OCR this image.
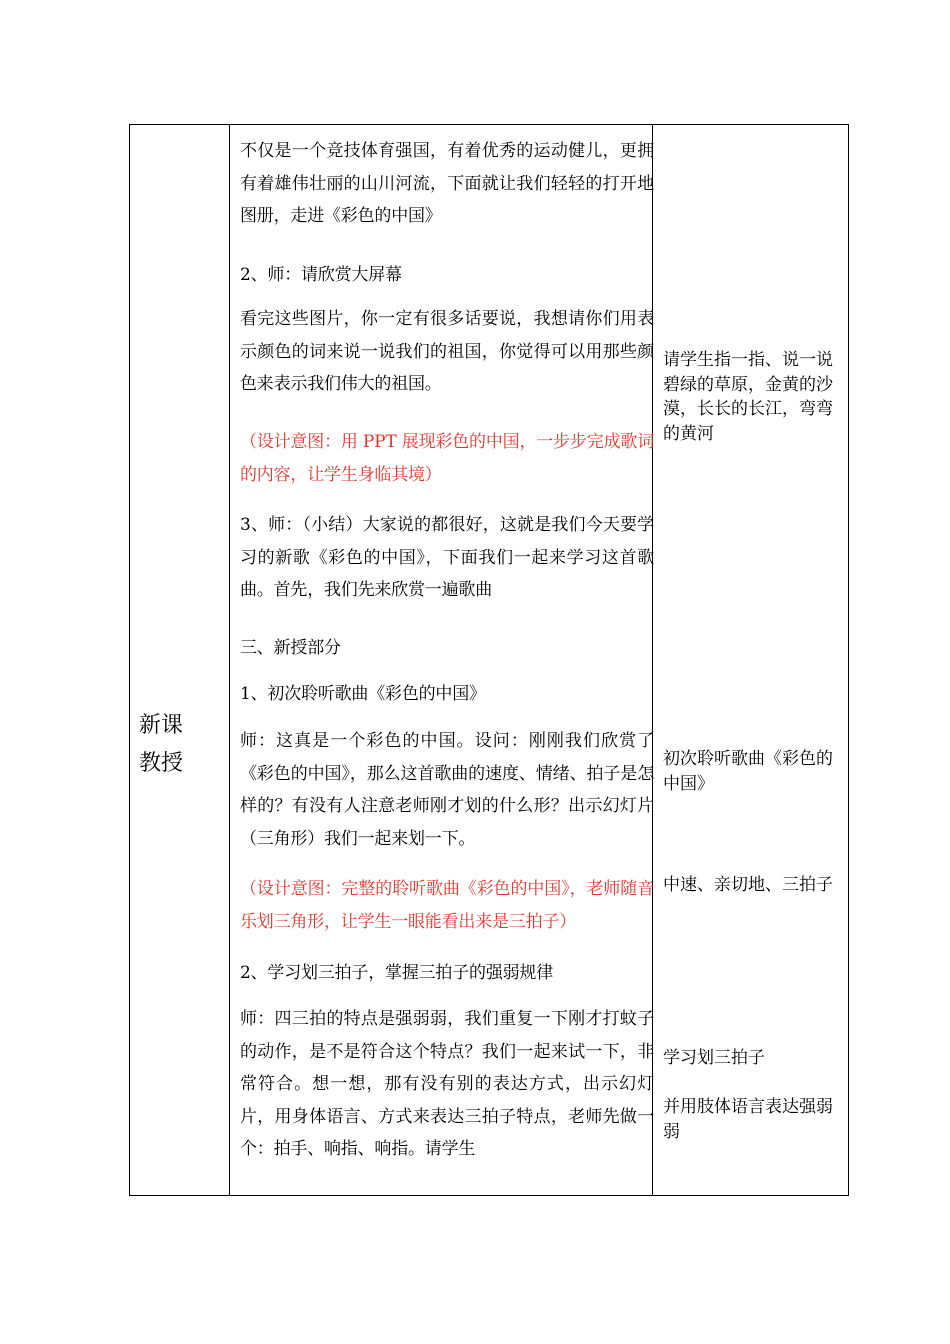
新课
教授
不仅是一个竞技体育强国，有着优秀的运动健儿，更拥有着雄伟壮丽的山川河流，下面就让我们轻轻的打开地图册，走进《彩色的中国》
2、师：请欣赏大屏幕
看完这些图片，你一定有很多话要说，我想请你们用表示颜色的词来说一说我们的祖国，你觉得可以用那些颜色来表示我们伟大的祖国。
（设计意图：用 PPT 展现彩色的中国，一步步完成歌词的内容，让学生身临其境）
3、师：（小结）大家说的都很好，这就是我们今天要学习的新歌《彩色的中国》，下面我们一起来学习这首歌曲。首先，我们先来欣赏一遍歌曲
三、新授部分
1、初次聆听歌曲《彩色的中国》
师：这真是一个彩色的中国。设问：刚刚我们欣赏了《彩色的中国》，那么这首歌曲的速度、情绪、拍子是怎样的？有没有人注意老师刚才划的什么形？出示幻灯片（三角形）我们一起来划一下。
（设计意图：完整的聆听歌曲《彩色的中国》，老师随音乐划三角形，让学生一眼能看出来是三拍子）
2、学习划三拍子，掌握三拍子的强弱规律
师：四三拍的特点是强弱弱，我们重复一下刚才打蚊子的动作，是不是符合这个特点？我们一起来试一下，非常符合。想一想，那有没有别的表达方式，出示幻灯片，用身体语言、方式来表达三拍子特点，老师先做一个：拍手、响指、响指。请学生
请学生指一指、说一说碧绿的草原，金黄的沙漠，长长的长江，弯弯的黄河
初次聆听歌曲《彩色的中国》
中速、亲切地、三拍子
学习划三拍子
并用肢体语言表达强弱弱
